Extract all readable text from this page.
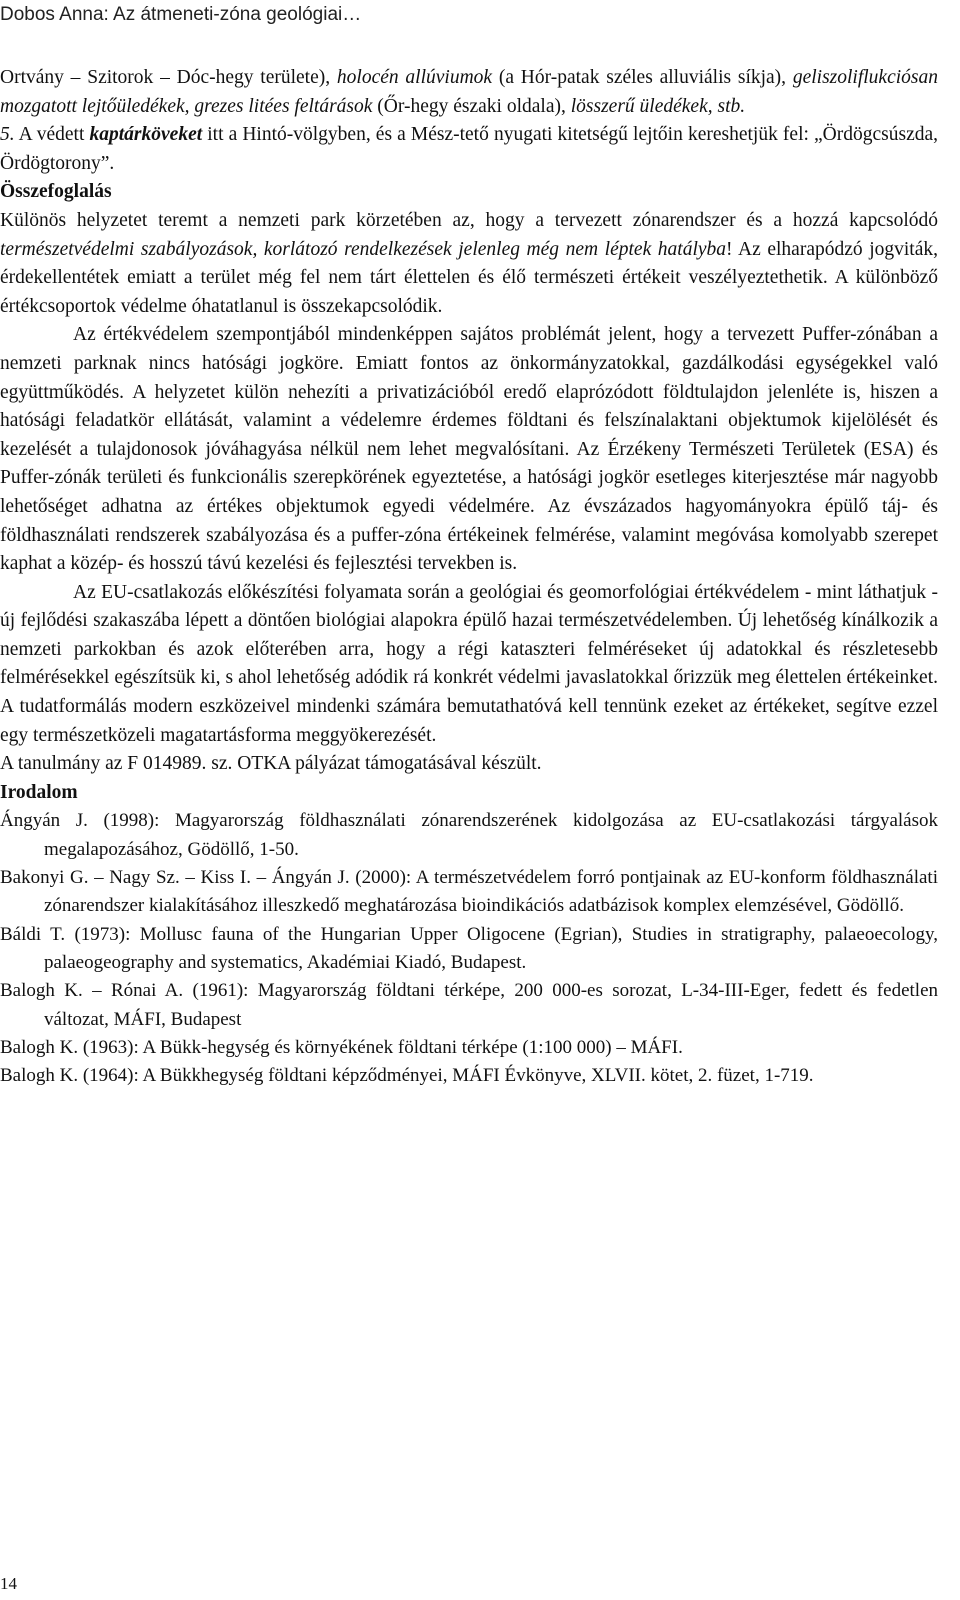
Dobos Anna: Az átmeneti-zóna geológiai…

Ortvány – Szitorok – Dóc-hegy területe), holocén allúviumok (a Hór-patak széles alluviális síkja), geliszoliflukciósan mozgatott lejtőüledékek, grezes litées feltárások (Őr-hegy északi oldala), lösszerű üledékek, stb.

5. A védett kaptárköveket itt a Hintó-völgyben, és a Mész-tető nyugati kitetségű lejtőin kereshetjük fel: „Ördögcsúszda, Ördögtorony”.

Összefoglalás

Különös helyzetet teremt a nemzeti park körzetében az, hogy a tervezett zónarendszer és a hozzá kapcsolódó természetvédelmi szabályozások, korlátozó rendelkezések jelenleg még nem léptek hatályba! Az elharapódzó jogviták, érdekellentétek emiatt a terület még fel nem tárt élettelen és élő természeti értékeit veszélyeztethetik. A különböző értékcsoportok védelme óhatatlanul is összekapcsolódik.

Az értékvédelem szempontjából mindenképpen sajátos problémát jelent, hogy a tervezett Puffer-zónában a nemzeti parknak nincs hatósági jogköre. Emiatt fontos az önkormányzatokkal, gazdálkodási egységekkel való együttműködés. A helyzetet külön nehezíti a privatizációból eredő elaprózódott földtulajdon jelenléte is, hiszen a hatósági feladatkör ellátását, valamint a védelemre érdemes földtani és felszínalaktani objektumok kijelölését és kezelését a tulajdonosok jóváhagyása nélkül nem lehet megvalósítani. Az Érzékeny Természeti Területek (ESA) és Puffer-zónák területi és funkcionális szerepkörének egyeztetése, a hatósági jogkör esetleges kiterjesztése már nagyobb lehetőséget adhatna az értékes objektumok egyedi védelmére. Az évszázados hagyományokra épülő táj- és földhasználati rendszerek szabályozása és a puffer-zóna értékeinek felmérése, valamint megóvása komolyabb szerepet kaphat a közép- és hosszú távú kezelési és fejlesztési tervekben is.

Az EU-csatlakozás előkészítési folyamata során a geológiai és geomorfológiai értékvédelem - mint láthatjuk - új fejlődési szakaszába lépett a döntően biológiai alapokra épülő hazai természetvédelemben. Új lehetőség kínálkozik a nemzeti parkokban és azok előterében arra, hogy a régi kataszteri felméréseket új adatokkal és részletesebb felmérésekkel egészítsük ki, s ahol lehetőség adódik rá konkrét védelmi javaslatokkal őrizzük meg élettelen értékeinket. A tudatformálás modern eszközeivel mindenki számára bemutathatóvá kell tennünk ezeket az értékeket, segítve ezzel egy természetközeli magatartásforma meggyökerezését.

A tanulmány az F 014989. sz. OTKA pályázat támogatásával készült.

Irodalom

Ángyán J. (1998): Magyarország földhasználati zónarendszerének kidolgozása az EU-csatlakozási tárgyalások megalapozásához, Gödöllő, 1-50.

Bakonyi G. – Nagy Sz. – Kiss I. – Ángyán J. (2000): A természetvédelem forró pontjainak az EU-konform földhasználati zónarendszer kialakításához illeszkedő meghatározása bioindikációs adatbázisok komplex elemzésével, Gödöllő.

Báldi T. (1973): Mollusc fauna of the Hungarian Upper Oligocene (Egrian), Studies in stratigraphy, palaeoecology, palaeogeography and systematics, Akadémiai Kiadó, Budapest.

Balogh K. – Rónai A. (1961): Magyarország földtani térképe, 200 000-es sorozat, L-34-III-Eger, fedett és fedetlen változat, MÁFI, Budapest

Balogh K. (1963): A Bükk-hegység és környékének földtani térképe (1:100 000) – MÁFI.

Balogh K. (1964): A Bükkhegység földtani képződményei, MÁFI Évkönyve, XLVII. kötet, 2. füzet, 1-719.

14
